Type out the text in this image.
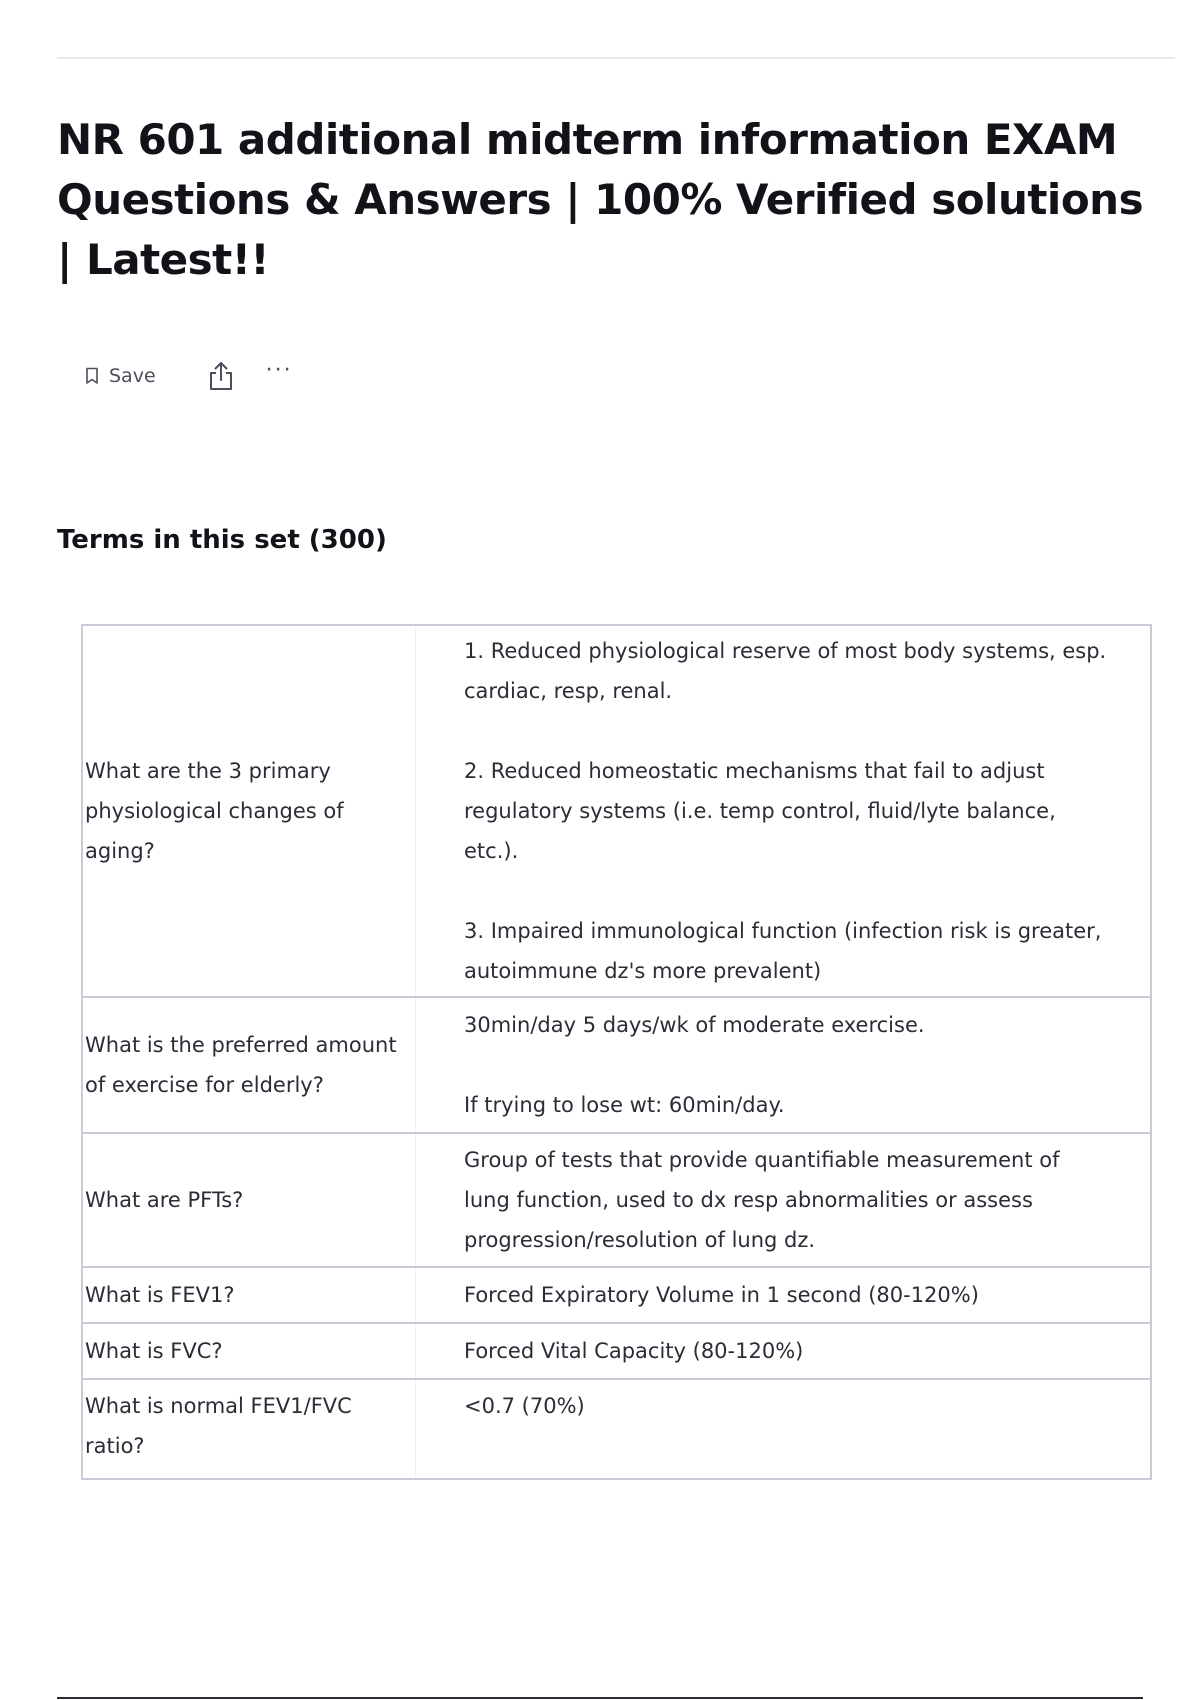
NR 601 additional midterm information EXAM Questions & Answers | 100% Verified solutions | Latest!!
Save	···
Terms in this set (300)
What are the 3 primary physiological changes of aging?	1. Reduced physiological reserve of most body systems, esp. cardiac, resp, renal.

2. Reduced homeostatic mechanisms that fail to adjust regulatory systems (i.e. temp control, fluid/lyte balance, etc.).

3. Impaired immunological function (infection risk is greater, autoimmune dz's more prevalent)
What is the preferred amount of exercise for elderly?	30min/day 5 days/wk of moderate exercise.

If trying to lose wt: 60min/day.
What are PFTs?	Group of tests that provide quantifiable measurement of lung function, used to dx resp abnormalities or assess progression/resolution of lung dz.
What is FEV1?	Forced Expiratory Volume in 1 second (80-120%)
What is FVC?	Forced Vital Capacity (80-120%)
What is normal FEV1/FVC ratio?	<0.7 (70%)
